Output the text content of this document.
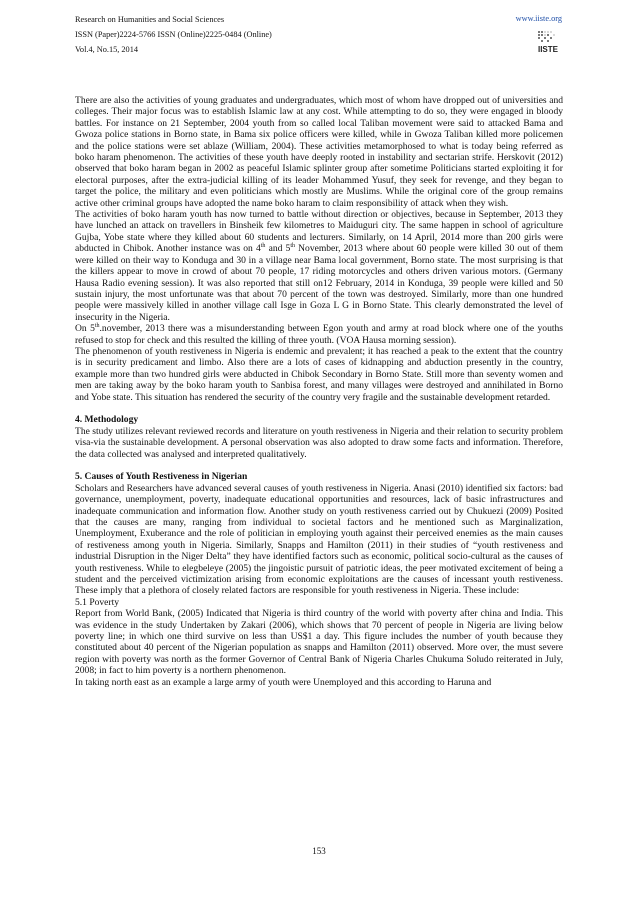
Research on Humanities and Social Sciences
ISSN (Paper)2224-5766 ISSN (Online)2225-0484 (Online)
Vol.4, No.15, 2014
www.iiste.org
IISTE

There are also the activities of young graduates and undergraduates, which most of whom have dropped out of universities and colleges. Their major focus was to establish Islamic law at any cost. While attempting to do so, they were engaged in bloody battles. For instance on 21 September, 2004 youth from so called local Taliban movement were said to attacked Bama and Gwoza police stations in Borno state, in Bama six police officers were killed, while in Gwoza Taliban killed more policemen and the police stations were set ablaze (William, 2004). These activities metamorphosed to what is today being referred as boko haram phenomenon. The activities of these youth have deeply rooted in instability and sectarian strife. Herskovit (2012) observed that boko haram began in 2002 as peaceful Islamic splinter group after sometime Politicians started exploiting it for electoral purposes, after the extra-judicial killing of its leader Mohammed Yusuf, they seek for revenge, and they began to target the police, the military and even politicians which mostly are Muslims. While the original core of the group remains active other criminal groups have adopted the name boko haram to claim responsibility of attack when they wish.

The activities of boko haram youth has now turned to battle without direction or objectives, because in September, 2013 they have lunched an attack on travellers in Binsheik few kilometres to Maiduguri city. The same happen in school of agriculture Gujba, Yobe state where they killed about 60 students and lecturers. Similarly, on 14 April, 2014 more than 200 girls were abducted in Chibok. Another instance was on 4th and 5th November, 2013 where about 60 people were killed 30 out of them were killed on their way to Konduga and 30 in a village near Bama local government, Borno state. The most surprising is that the killers appear to move in crowd of about 70 people, 17 riding motorcycles and others driven various motors. (Germany Hausa Radio evening session). It was also reported that still on12 February, 2014 in Konduga, 39 people were killed and 50 sustain injury, the most unfortunate was that about 70 percent of the town was destroyed. Similarly, more than one hundred people were massively killed in another village call Isge in Goza L G in Borno State. This clearly demonstrated the level of insecurity in the Nigeria.

On 5th.november, 2013 there was a misunderstanding between Egon youth and army at road block where one of the youths refused to stop for check and this resulted the killing of three youth. (VOA Hausa morning session).

The phenomenon of youth restiveness in Nigeria is endemic and prevalent; it has reached a peak to the extent that the country is in security predicament and limbo. Also there are a lots of cases of kidnapping and abduction presently in the country, example more than two hundred girls were abducted in Chibok Secondary in Borno State. Still more than seventy women and men are taking away by the boko haram youth to Sanbisa forest, and many villages were destroyed and annihilated in Borno and Yobe state. This situation has rendered the security of the country very fragile and the sustainable development retarded.

4. Methodology

The study utilizes relevant reviewed records and literature on youth restiveness in Nigeria and their relation to security problem visa-via the sustainable development. A personal observation was also adopted to draw some facts and information. Therefore, the data collected was analysed and interpreted qualitatively.

5. Causes of Youth Restiveness in Nigerian

Scholars and Researchers have advanced several causes of youth restiveness in Nigeria. Anasi (2010) identified six factors: bad governance, unemployment, poverty, inadequate educational opportunities and resources, lack of basic infrastructures and inadequate communication and information flow. Another study on youth restiveness carried out by Chukuezi (2009) Posited that the causes are many, ranging from individual to societal factors and he mentioned such as Marginalization, Unemployment, Exuberance and the role of politician in employing youth against their perceived enemies as the main causes of restiveness among youth in Nigeria. Similarly, Snapps and Hamilton (2011) in their studies of “youth restiveness and industrial Disruption in the Niger Delta” they have identified factors such as economic, political socio-cultural as the causes of youth restiveness. While to elegbeleye (2005) the jingoistic pursuit of patriotic ideas, the peer motivated excitement of being a student and the perceived victimization arising from economic exploitations are the causes of incessant youth restiveness. These imply that a plethora of closely related factors are responsible for youth restiveness in Nigeria. These include:

5.1 Poverty

Report from World Bank, (2005) Indicated that Nigeria is third country of the world with poverty after china and India. This was evidence in the study Undertaken by Zakari (2006), which shows that 70 percent of people in Nigeria are living below poverty line; in which one third survive on less than US$1 a day. This figure includes the number of youth because they constituted about 40 percent of the Nigerian population as snapps and Hamilton (2011) observed. More over, the must severe region with poverty was north as the former Governor of Central Bank of Nigeria Charles Chukuma Soludo reiterated in July, 2008; in fact to him poverty is a northern phenomenon.

In taking north east as an example a large army of youth were Unemployed and this according to Haruna and

153
